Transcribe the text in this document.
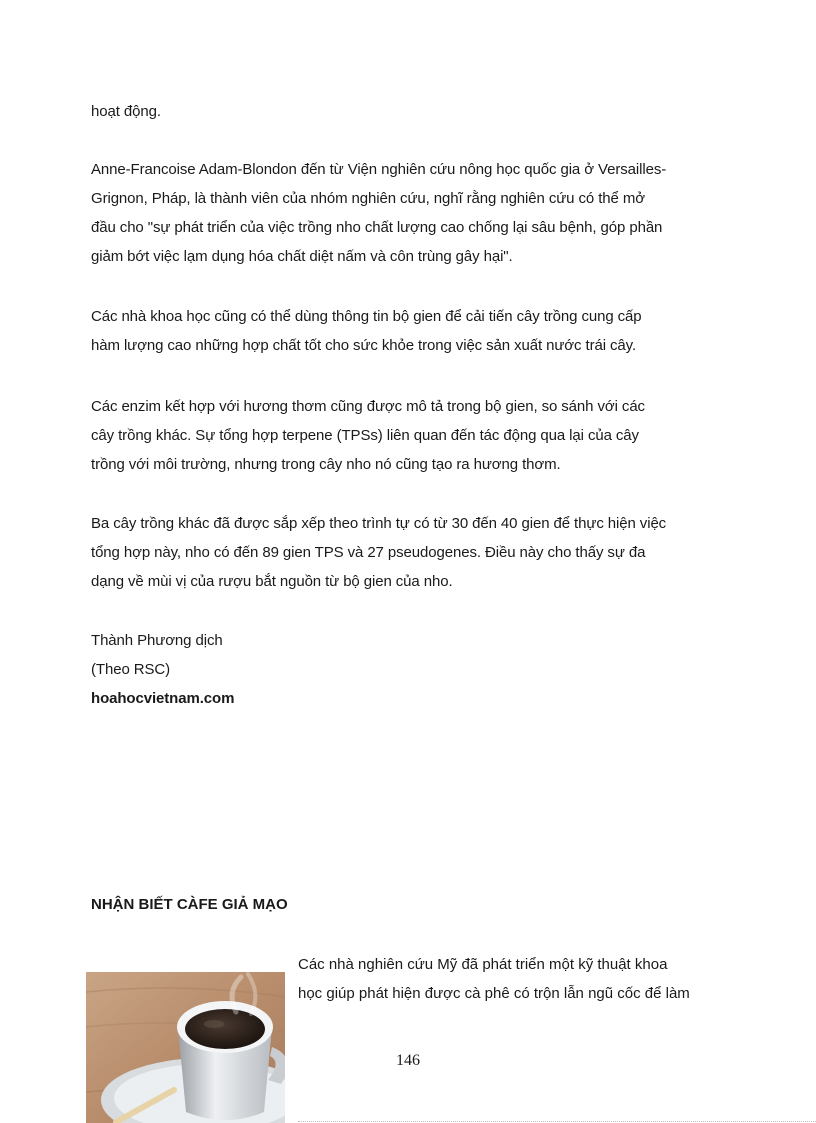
hoạt động.

Anne-Francoise Adam-Blondon đến từ Viện nghiên cứu nông học quốc gia ở Versailles-
Grignon, Pháp, là thành viên của nhóm nghiên cứu, nghĩ rằng nghiên cứu có thể mở
đầu cho "sự phát triển của việc trồng nho chất lượng cao chống lại sâu bệnh, góp phần
giảm bớt việc lạm dụng hóa chất diệt nấm và côn trùng gây hại".

Các nhà khoa học cũng có thể dùng thông tin bộ gien để cải tiến cây trồng cung cấp
hàm lượng cao những hợp chất tốt cho sức khỏe trong việc sản xuất nước trái cây.

Các enzim kết hợp với hương thơm cũng được mô tả trong bộ gien, so sánh với các
cây trồng khác. Sự tổng hợp terpene (TPSs) liên quan đến tác động qua lại của cây
trồng với môi trường, nhưng trong cây nho nó cũng tạo ra hương thơm.

Ba cây trồng khác đã được sắp xếp theo trình tự có từ 30 đến 40 gien để thực hiện việc
tổng hợp này, nho có đến 89 gien TPS và 27 pseudogenes. Điều này cho thấy sự đa
dạng về mùi vị của rượu bắt nguồn từ bộ gien của nho.

Thành Phương dịch
(Theo RSC)
hoahocvietnam.com

NHẬN BIẾT CÀFE GIẢ MẠO

Các nhà nghiên cứu Mỹ đã phát triển một kỹ thuật khoa
học giúp phát hiện được cà phê có trộn lẫn ngũ cốc để làm

146
